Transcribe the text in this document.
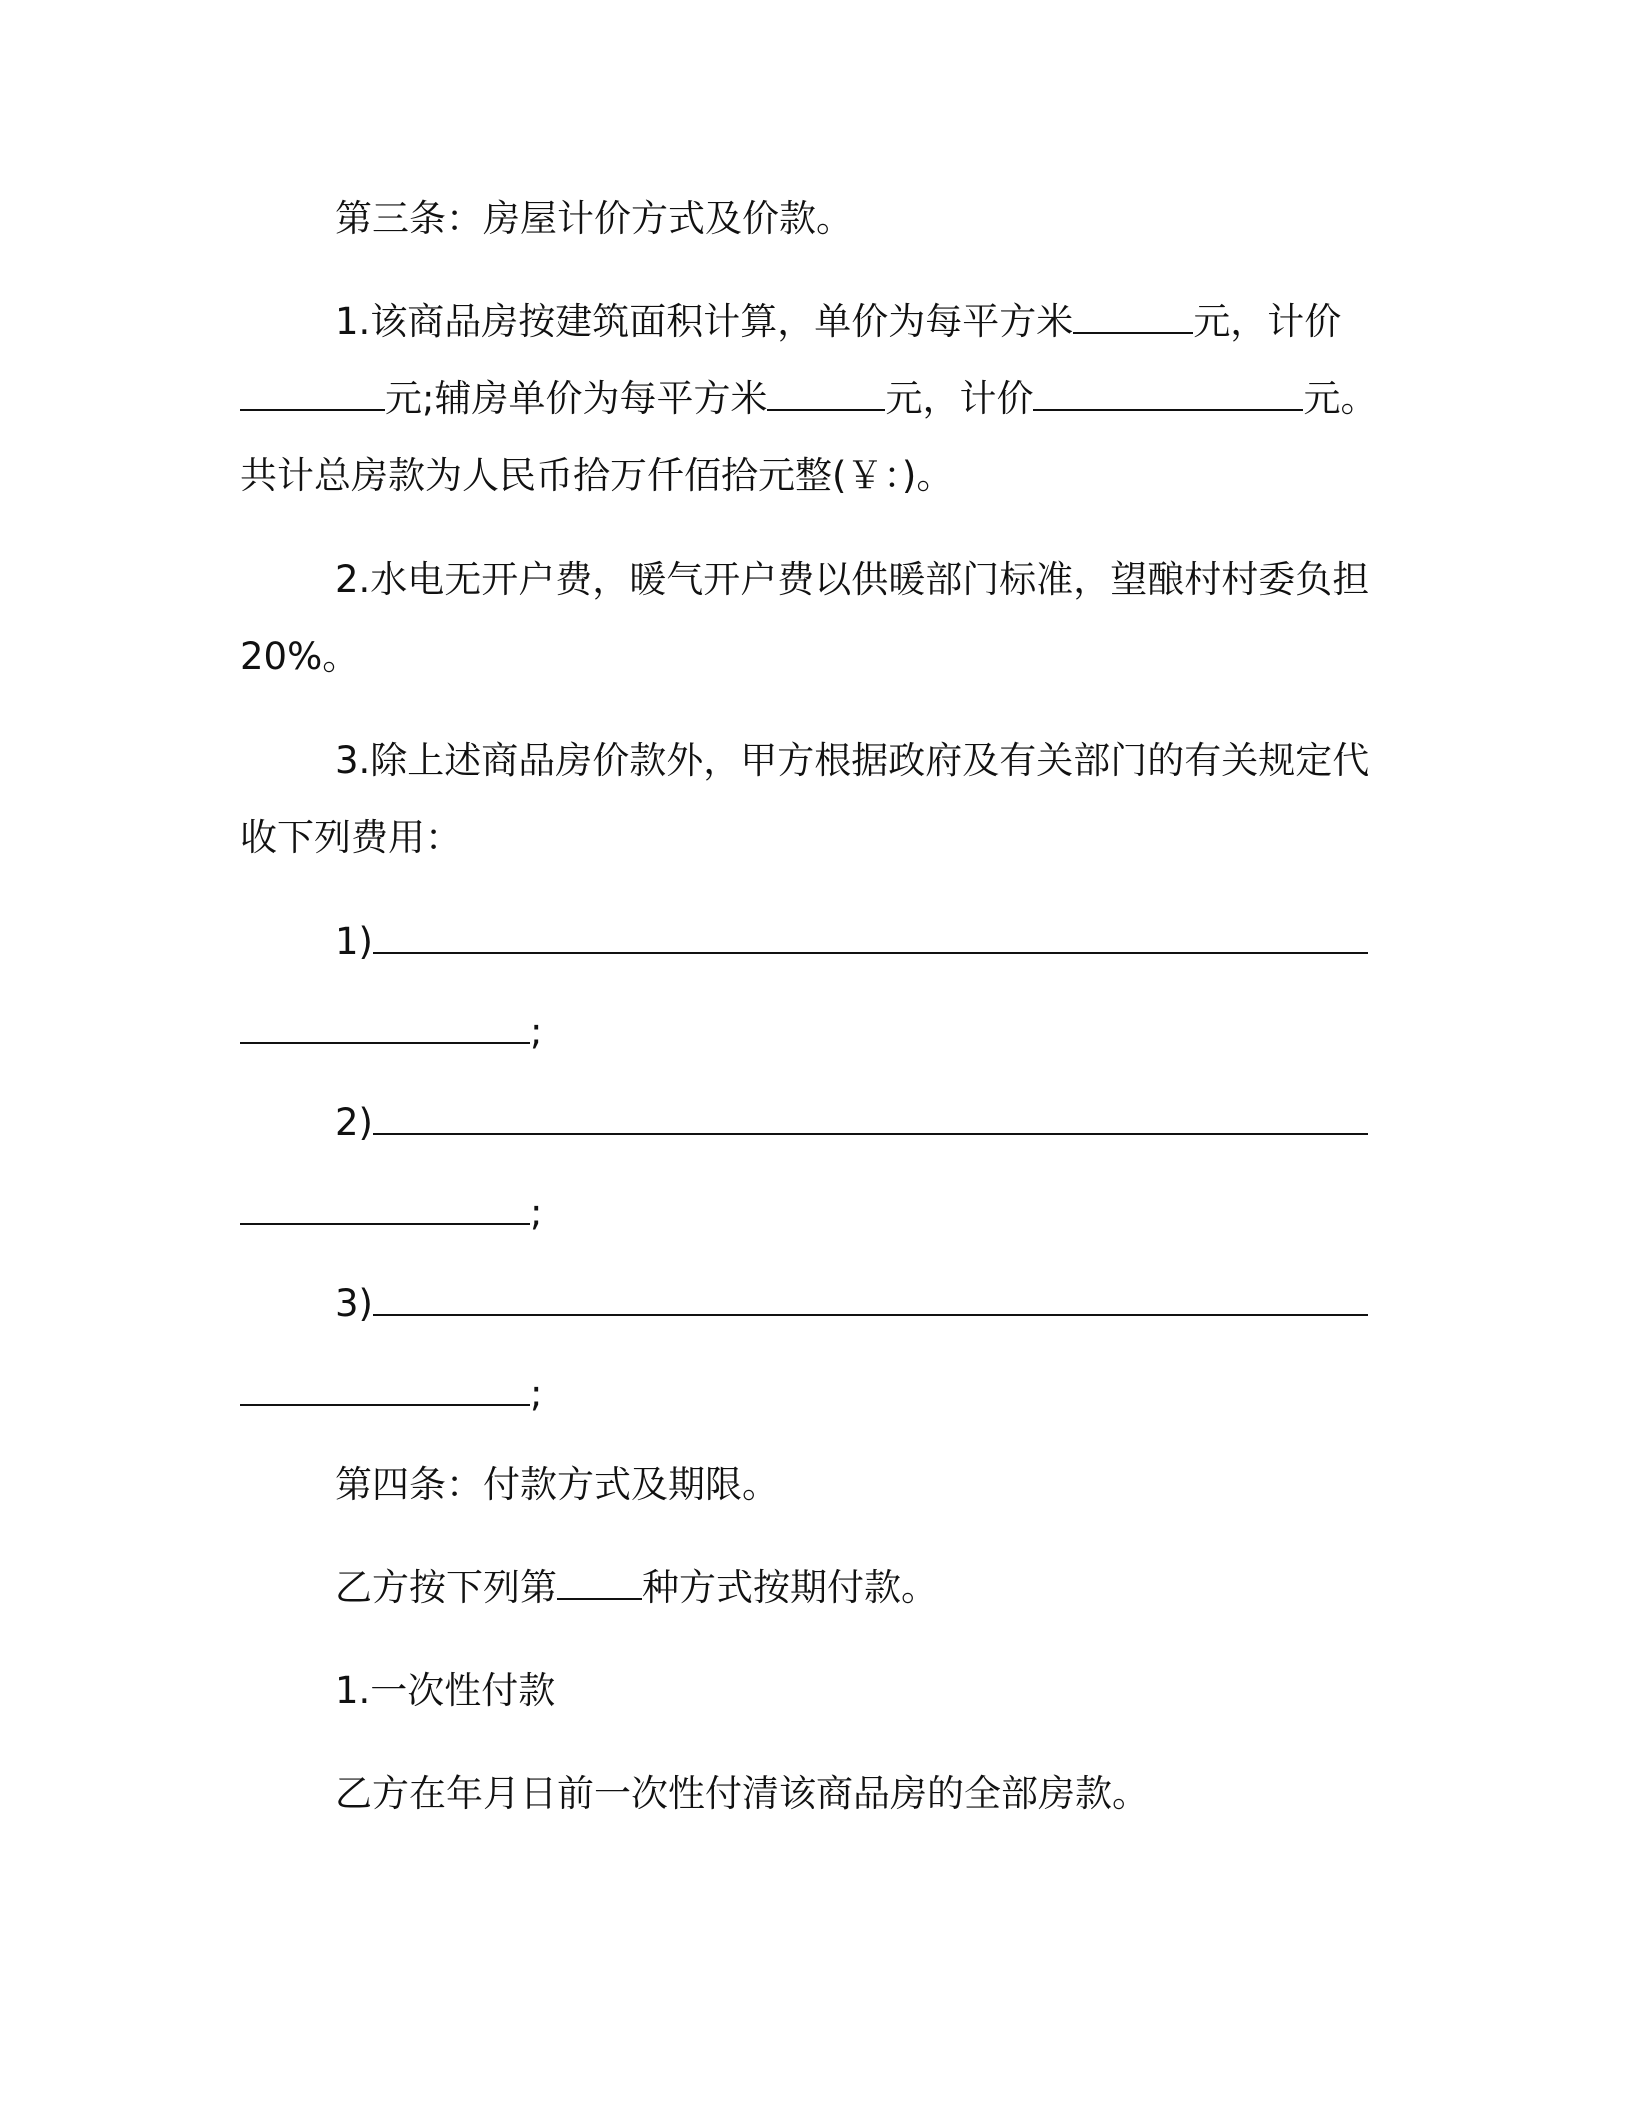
第三条：房屋计价方式及价款。
1.该商品房按建筑面积计算，单价为每平方米	元，计价
元;辅房单价为每平方米	元，计价	元。
共计总房款为人民币拾万仟佰拾元整(￥：)。
2.水电无开户费，暖气开户费以供暖部门标准，望酿村村委负担
20%。
3.除上述商品房价款外，甲方根据政府及有关部门的有关规定代
收下列费用：
1)
;
2)
;
3)
;
第四条：付款方式及期限。
乙方按下列第 种方式按期付款。
1.一次性付款
乙方在年月日前一次性付清该商品房的全部房款。
